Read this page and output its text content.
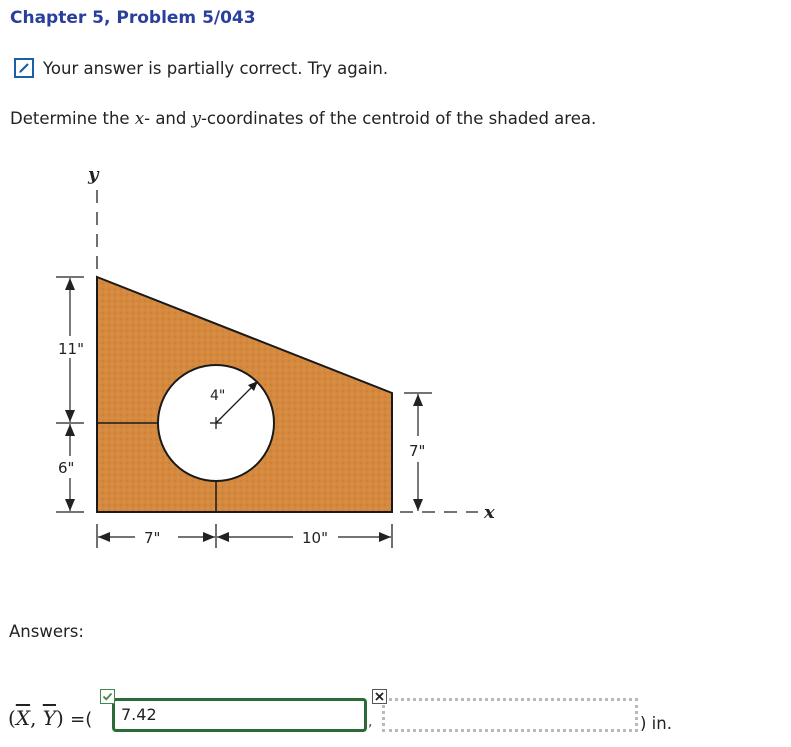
Chapter 5, Problem 5/043
Your answer is partially correct. Try again.
Determine the x- and y-coordinates of the centroid of the shaded area.
y
4"
11"
6"
7"
x
7"	10"
Answers:
($\overline{X}$, $\overline{Y}$) =(	7.42	,	) in.
